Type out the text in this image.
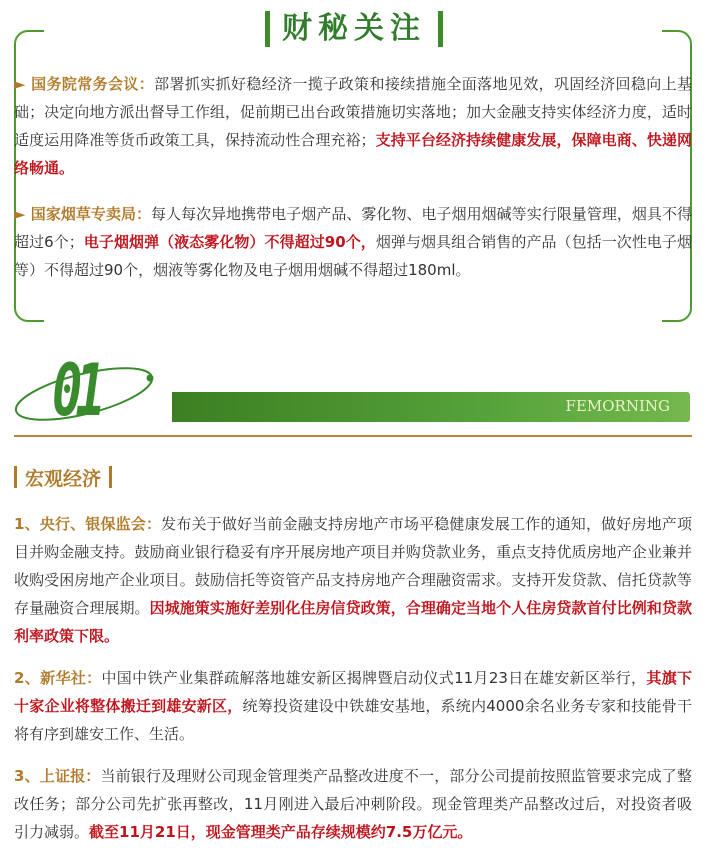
财秘关注
► 国务院常务会议：部署抓实抓好稳经济一揽子政策和接续措施全面落地见效，巩固经济回稳向上基础；决定向地方派出督导工作组，促前期已出台政策措施切实落地；加大金融支持实体经济力度，适时适度运用降准等货币政策工具，保持流动性合理充裕；支持平台经济持续健康发展，保障电商、快递网络畅通。
► 国家烟草专卖局：每人每次异地携带电子烟产品、雾化物、电子烟用烟碱等实行限量管理，烟具不得超过6个；电子烟烟弹（液态雾化物）不得超过90个，烟弹与烟具组合销售的产品（包括一次性电子烟等）不得超过90个，烟液等雾化物及电子烟用烟碱不得超过180ml。
01	FEMORNING
宏观经济
1、央行、银保监会：发布关于做好当前金融支持房地产市场平稳健康发展工作的通知，做好房地产项目并购金融支持。鼓励商业银行稳妥有序开展房地产项目并购贷款业务，重点支持优质房地产企业兼并收购受困房地产企业项目。鼓励信托等资管产品支持房地产合理融资需求。支持开发贷款、信托贷款等存量融资合理展期。因城施策实施好差别化住房信贷政策，合理确定当地个人住房贷款首付比例和贷款利率政策下限。
2、新华社：中国中铁产业集群疏解落地雄安新区揭牌暨启动仪式11月23日在雄安新区举行，其旗下十家企业将整体搬迁到雄安新区，统筹投资建设中铁雄安基地，系统内4000余名业务专家和技能骨干将有序到雄安工作、生活。
3、上证报：当前银行及理财公司现金管理类产品整改进度不一，部分公司提前按照监管要求完成了整改任务；部分公司先扩张再整改，11月刚进入最后冲刺阶段。现金管理类产品整改过后，对投资者吸引力减弱。截至11月21日，现金管理类产品存续规模约7.5万亿元。
